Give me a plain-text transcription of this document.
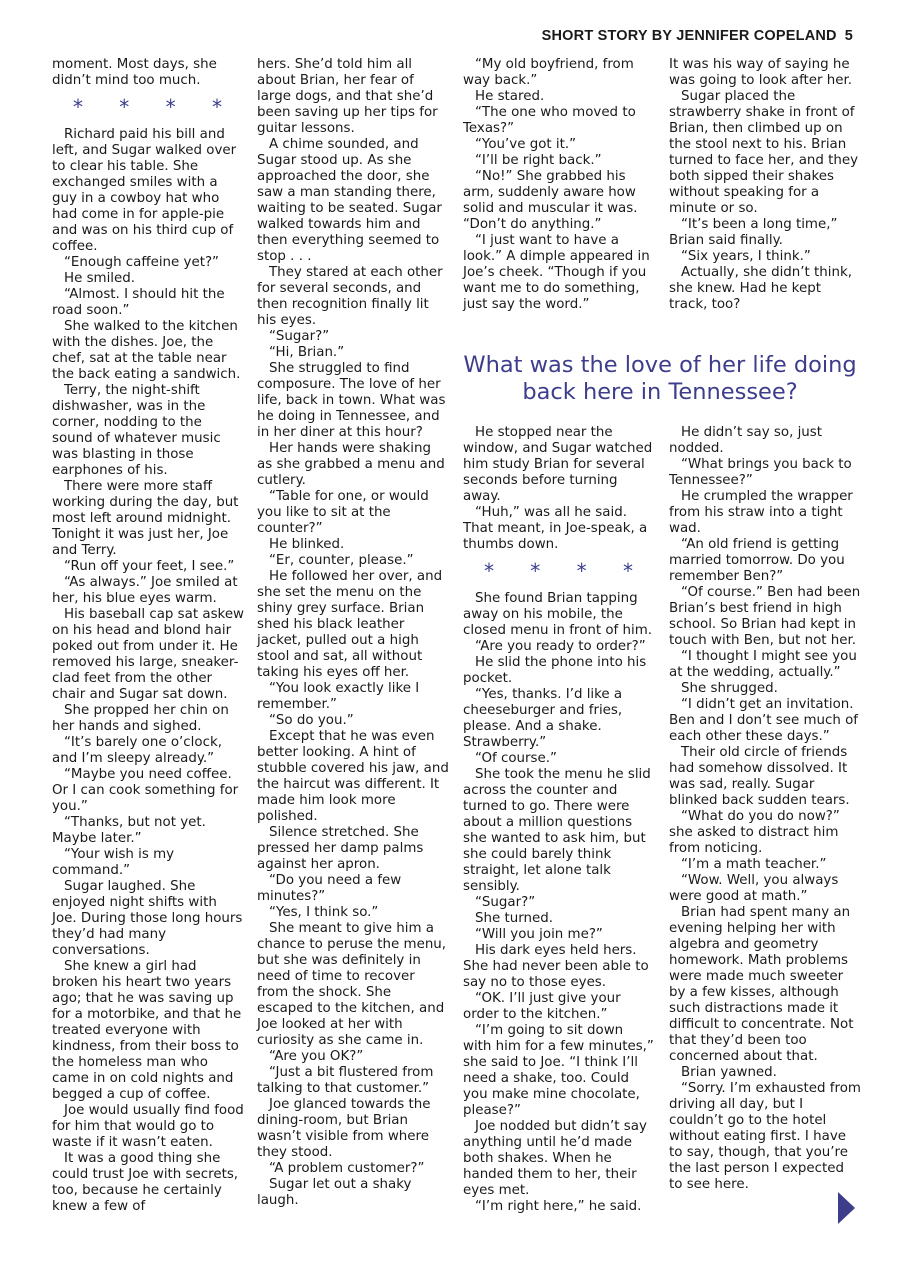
SHORT STORY BY JENNIFER COPELAND 5
moment. Most days, she didn’t mind too much.
* * * *
Richard paid his bill and left, and Sugar walked over to clear his table. She exchanged smiles with a guy in a cowboy hat who had come in for apple-pie and was on his third cup of coffee.
“Enough caffeine yet?”
He smiled.
“Almost. I should hit the road soon.”
She walked to the kitchen with the dishes. Joe, the chef, sat at the table near the back eating a sandwich.
Terry, the night-shift dishwasher, was in the corner, nodding to the sound of whatever music was blasting in those earphones of his.
There were more staff working during the day, but most left around midnight. Tonight it was just her, Joe and Terry.
“Run off your feet, I see.”
“As always.” Joe smiled at her, his blue eyes warm.
His baseball cap sat askew on his head and blond hair poked out from under it. He removed his large, sneaker-clad feet from the other chair and Sugar sat down.
She propped her chin on her hands and sighed.
“It’s barely one o’clock, and I’m sleepy already.”
“Maybe you need coffee. Or I can cook something for you.”
“Thanks, but not yet. Maybe later.”
“Your wish is my command.”
Sugar laughed. She enjoyed night shifts with Joe. During those long hours they’d had many conversations.
She knew a girl had broken his heart two years ago; that he was saving up for a motorbike, and that he treated everyone with kindness, from their boss to the homeless man who came in on cold nights and begged a cup of coffee.
Joe would usually find food for him that would go to waste if it wasn’t eaten.
It was a good thing she could trust Joe with secrets, too, because he certainly knew a few of
hers. She’d told him all about Brian, her fear of large dogs, and that she’d been saving up her tips for guitar lessons.
A chime sounded, and Sugar stood up. As she approached the door, she saw a man standing there, waiting to be seated. Sugar walked towards him and then everything seemed to stop . . .
They stared at each other for several seconds, and then recognition finally lit his eyes.
“Sugar?”
“Hi, Brian.”
She struggled to find composure. The love of her life, back in town. What was he doing in Tennessee, and in her diner at this hour?
Her hands were shaking as she grabbed a menu and cutlery.
“Table for one, or would you like to sit at the counter?”
He blinked.
“Er, counter, please.”
He followed her over, and she set the menu on the shiny grey surface. Brian shed his black leather jacket, pulled out a high stool and sat, all without taking his eyes off her.
“You look exactly like I remember.”
“So do you.”
Except that he was even better looking. A hint of stubble covered his jaw, and the haircut was different. It made him look more polished.
Silence stretched. She pressed her damp palms against her apron.
“Do you need a few minutes?”
“Yes, I think so.”
She meant to give him a chance to peruse the menu, but she was definitely in need of time to recover from the shock. She escaped to the kitchen, and Joe looked at her with curiosity as she came in.
“Are you OK?”
“Just a bit flustered from talking to that customer.”
Joe glanced towards the dining-room, but Brian wasn’t visible from where they stood.
“A problem customer?”
Sugar let out a shaky laugh.
“My old boyfriend, from way back.”
He stared.
“The one who moved to Texas?”
“You’ve got it.”
“I’ll be right back.”
“No!” She grabbed his arm, suddenly aware how solid and muscular it was. “Don’t do anything.”
“I just want to have a look.” A dimple appeared in Joe’s cheek. “Though if you want me to do something, just say the word.”
It was his way of saying he was going to look after her.
Sugar placed the strawberry shake in front of Brian, then climbed up on the stool next to his. Brian turned to face her, and they both sipped their shakes without speaking for a minute or so.
“It’s been a long time,” Brian said finally.
“Six years, I think.”
Actually, she didn’t think, she knew. Had he kept track, too?
What was the love of her life doing back here in Tennessee?
He stopped near the window, and Sugar watched him study Brian for several seconds before turning away.
“Huh,” was all he said. That meant, in Joe-speak, a thumbs down.
* * * *
She found Brian tapping away on his mobile, the closed menu in front of him.
“Are you ready to order?”
He slid the phone into his pocket.
“Yes, thanks. I’d like a cheeseburger and fries, please. And a shake. Strawberry.”
“Of course.”
She took the menu he slid across the counter and turned to go. There were about a million questions she wanted to ask him, but she could barely think straight, let alone talk sensibly.
“Sugar?”
She turned.
“Will you join me?”
His dark eyes held hers. She had never been able to say no to those eyes.
“OK. I’ll just give your order to the kitchen.”
“I’m going to sit down with him for a few minutes,” she said to Joe. “I think I’ll need a shake, too. Could you make mine chocolate, please?”
Joe nodded but didn’t say anything until he’d made both shakes. When he handed them to her, their eyes met.
“I’m right here,” he said.
He didn’t say so, just nodded.
“What brings you back to Tennessee?”
He crumpled the wrapper from his straw into a tight wad.
“An old friend is getting married tomorrow. Do you remember Ben?”
“Of course.” Ben had been Brian’s best friend in high school. So Brian had kept in touch with Ben, but not her.
“I thought I might see you at the wedding, actually.”
She shrugged.
“I didn’t get an invitation. Ben and I don’t see much of each other these days.”
Their old circle of friends had somehow dissolved. It was sad, really. Sugar blinked back sudden tears.
“What do you do now?” she asked to distract him from noticing.
“I’m a math teacher.”
“Wow. Well, you always were good at math.”
Brian had spent many an evening helping her with algebra and geometry homework. Math problems were made much sweeter by a few kisses, although such distractions made it difficult to concentrate. Not that they’d been too concerned about that.
Brian yawned.
“Sorry. I’m exhausted from driving all day, but I couldn’t go to the hotel without eating first. I have to say, though, that you’re the last person I expected to see here.
